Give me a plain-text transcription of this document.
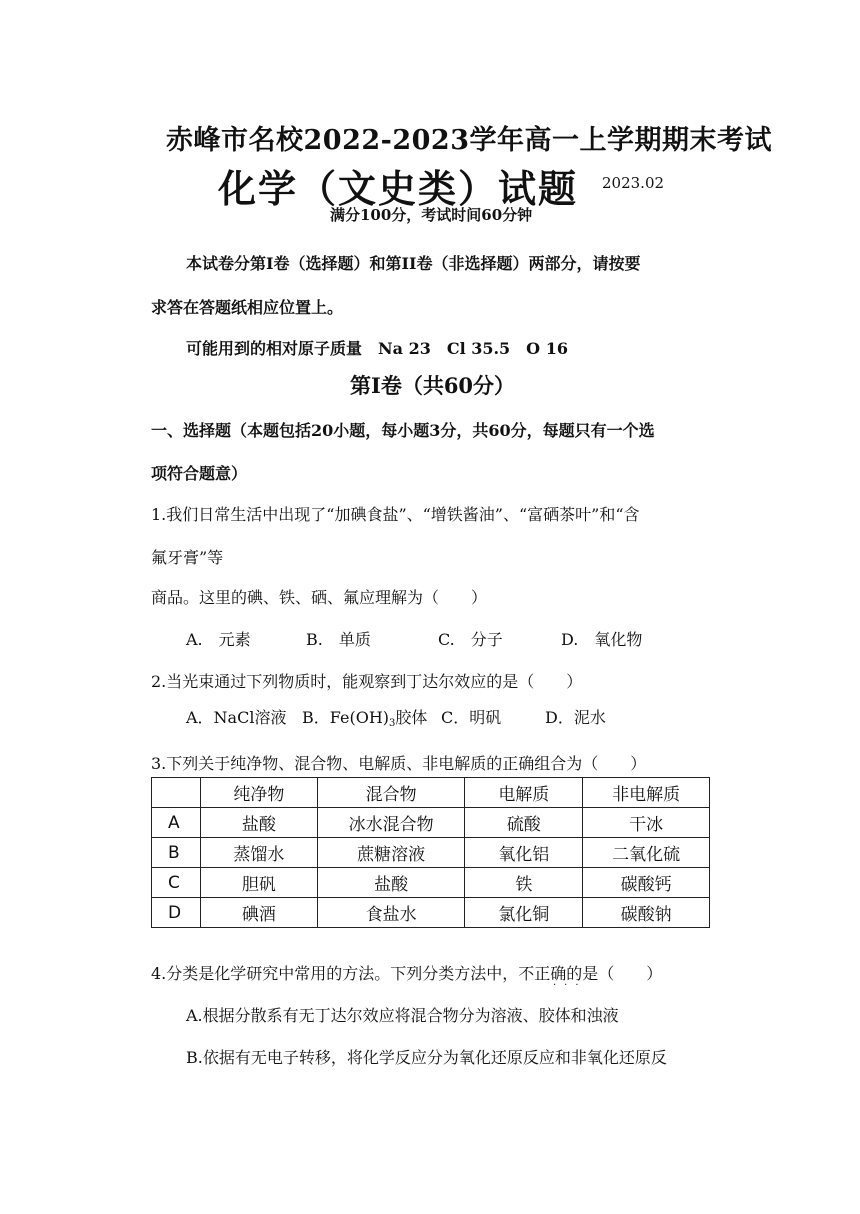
赤峰市名校2022-2023学年高一上学期期末考试
化学（文史类）试题 2023.02
满分100分，考试时间60分钟
本试卷分第Ⅰ卷（选择题）和第II卷（非选择题）两部分，请按要
求答在答题纸相应位置上。
可能用到的相对原子质量　Na 23　Cl 35.5　O 16
第Ⅰ卷（共60分）
一、选择题（本题包括20小题，每小题3分，共60分，每题只有一个选
项符合题意）
1.我们日常生活中出现了“加碘食盐”、“增铁酱油”、“富硒茶叶”和“含
氟牙膏”等
商品。这里的碘、铁、硒、氟应理解为（　　）
A.　元素	B.　单质	C.　分子	D.　氧化物
2.当光束通过下列物质时，能观察到丁达尔效应的是（　　）
A．NaCl溶液 B．$Fe(OH)_3$胶体 C．明矾	D．泥水
3.下列关于纯净物、混合物、电解质、非电解质的正确组合为（　　）
	纯净物	混合物	电解质	非电解质
A	盐酸	冰水混合物	硫酸	干冰
B	蒸馏水	蔗糖溶液	氧化铝	二氧化硫
C	胆矾	盐酸	铁	碳酸钙
D	碘酒	食盐水	氯化铜	碳酸钠
4.分类是化学研究中常用的方法。下列分类方法中，不正确的是（　　）
···
A.根据分散系有无丁达尔效应将混合物分为溶液、胶体和浊液
B.依据有无电子转移，将化学反应分为氧化还原反应和非氧化还原反
